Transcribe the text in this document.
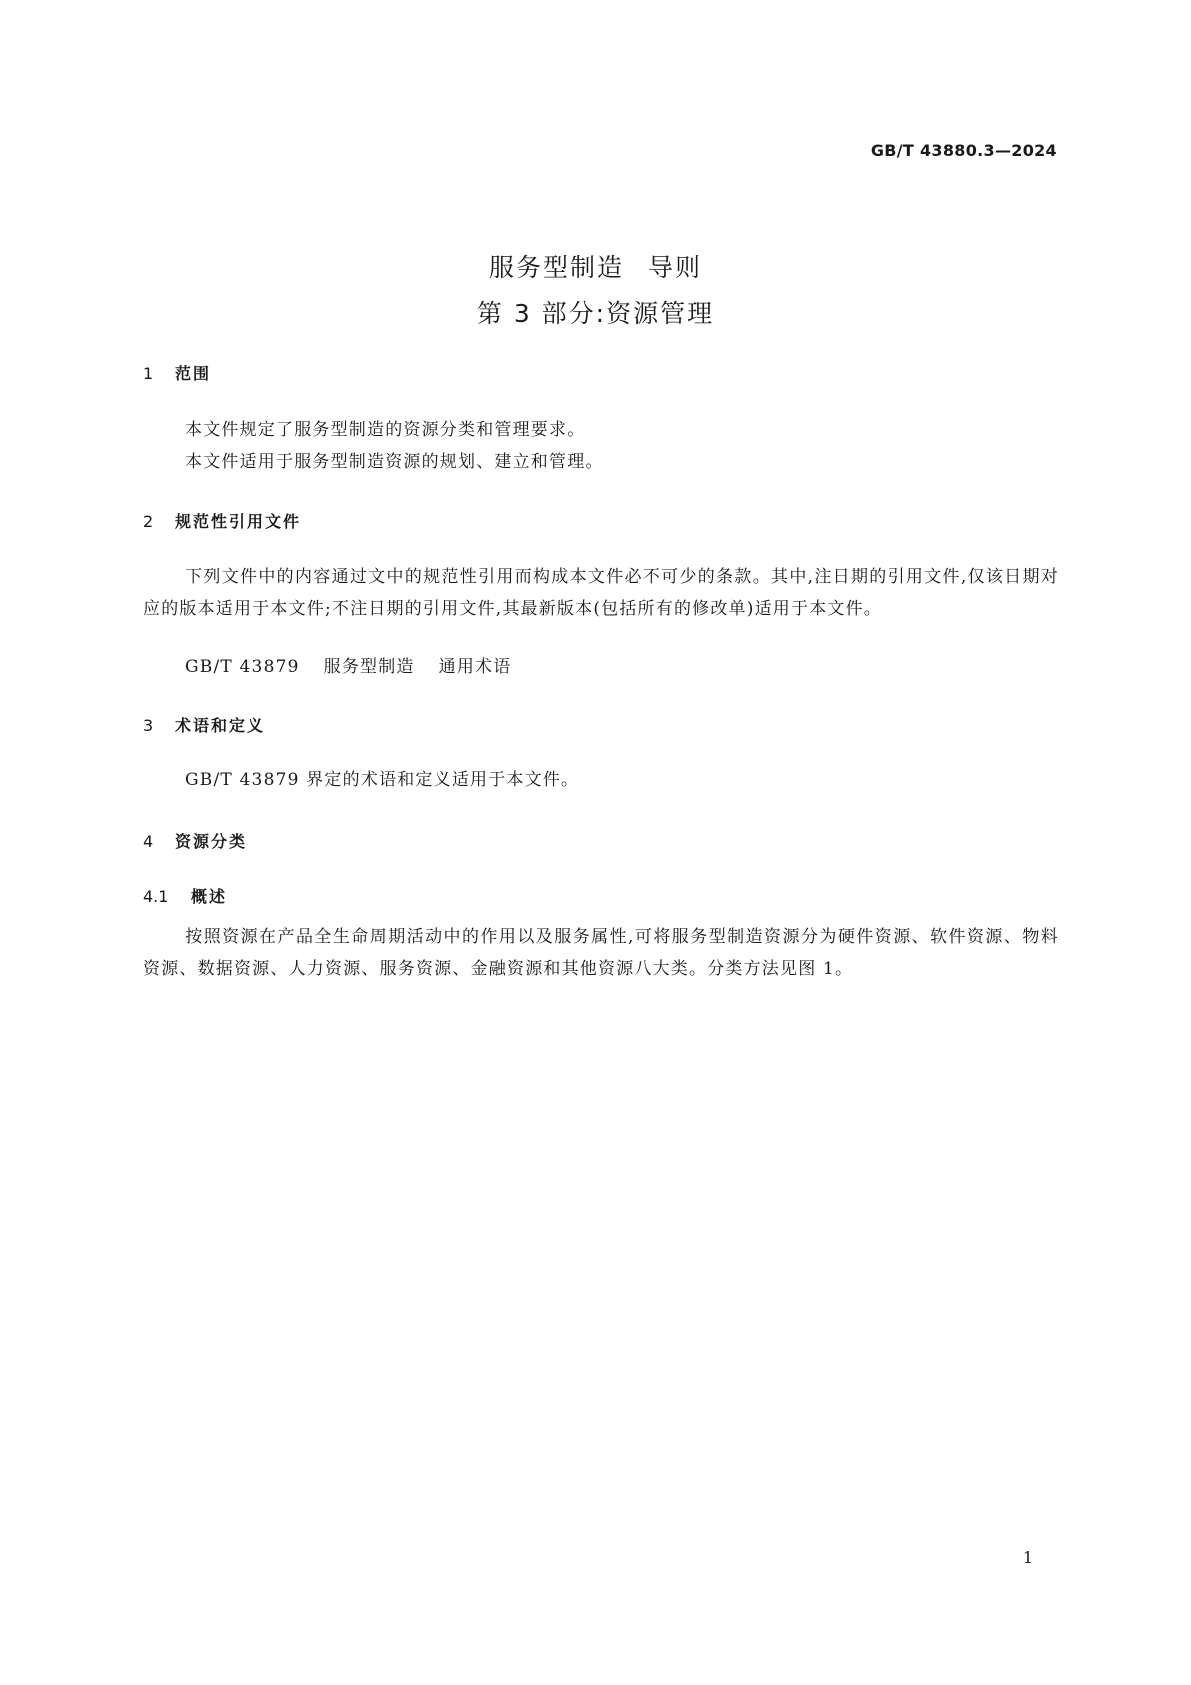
GB/T 43880.3—2024
服务型制造 导则
第 3 部分:资源管理
1 范围
本文件规定了服务型制造的资源分类和管理要求。
本文件适用于服务型制造资源的规划、建立和管理。
2 规范性引用文件
下列文件中的内容通过文中的规范性引用而构成本文件必不可少的条款。其中,注日期的引用文件,仅该日期对应的版本适用于本文件;不注日期的引用文件,其最新版本(包括所有的修改单)适用于本文件。
GB/T 43879 服务型制造 通用术语
3 术语和定义
GB/T 43879 界定的术语和定义适用于本文件。
4 资源分类
4.1 概述
按照资源在产品全生命周期活动中的作用以及服务属性,可将服务型制造资源分为硬件资源、软件资源、物料资源、数据资源、人力资源、服务资源、金融资源和其他资源八大类。分类方法见图 1。
1
